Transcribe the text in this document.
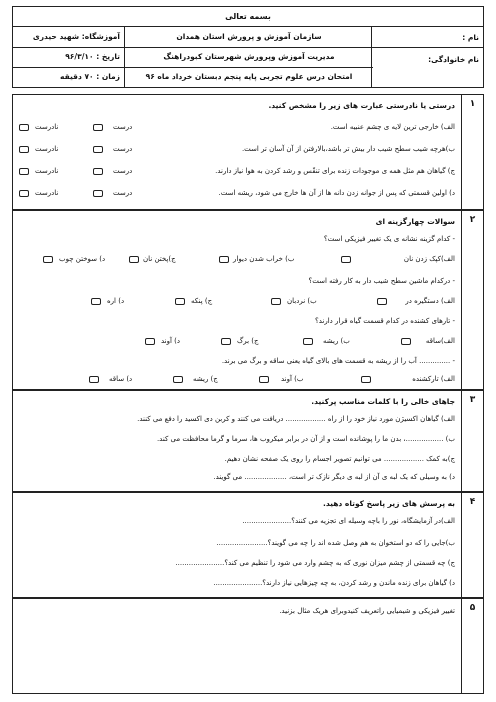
بسمه تعالی
نام :
نام خانوادگی:
سازمان آموزش و پرورش استان همدان
مدیریت آموزش وپرورش شهرستان کبودراهنگ
امتحان درس علوم تجربی پایه پنجم دبستان خرداد ماه ۹۶
آموزشگاه: شهید حیدری
تاریخ : ۹۶/۳/۱۰
زمان : ۷۰ دقیقه
۱
درستی یا نادرستی عبارت های زیر را مشخص کنید.
الف) خارجی ترین لایه ی چشم عنبیه است.
ب)هرچه شیب سطح شیب دار بیش تر باشد،بالارفتن از آن آسان تر است.
ج) گیاهان هم مثل همه ی موجودات زنده برای تنفّس و رشد کردن به هوا نیاز دارند.
د) اولین قسمتی که پس از جوانه زدن دانه ها از آن ها خارج می شود، ریشه است.
درست
نادرست
درست
نادرست
درست
نادرست
درست
نادرست
۲
سوالات چهارگزینه ای
- کدام گزینه نشانه ی یک تغییر فیزیکی است؟
الف)کپک زدن نان
ب) خراب شدن دیوار
ج)پختن نان
د) سوختن چوب
- درکدام ماشین سطح شیب دار به کار رفته است؟
الف) دستگیره در
ب) نردبان
ج) پنکه
د) اره
- تارهای کشنده در کدام قسمت گیاه قرار دارند؟
الف)ساقه
ب) ریشه
ج) برگ
د) آوند
- .............. آب را از ریشه به قسمت های بالای گیاه یعنی ساقه و برگ می برند.
الف) تارکشنده
ب) آوند
ج) ریشه
د) ساقه
۳
جاهای خالی را با کلمات مناسب پرکنید.
الف) گیاهان اکسیژن مورد نیاز خود را از راه .................. دریافت می کنند و کربن دی اکسید را دفع می کنند.
ب) .................، بدن ما را پوشانده است و از آن در برابر میکروب ها، سرما و گرما محافظت می کند.
ج)به کمک .................. می توانیم تصویر اجسام را روی یک صفحه نشان دهیم.
د) به وسیلی که یک لبه ی آن از لبه ی دیگر نازک تر است، ................... می گویند.
۴
به پرسش های زیر پاسخ کوتاه دهید.
الف)در آزمایشگاه، نور را باچه وسیله ای تجزیه می کنند؟......................
ب)جایی را که دو استخوان به هم وصل شده اند را چه می گویند؟.......................
ج) چه قسمتی از چشم میزان نوری که به چشم وارد می شود را تنظیم می کند؟......................
د) گیاهان برای زنده ماندن و رشد کردن، به چه چیزهایی نیاز دارند؟......................
۵
تغییر فیزیکی و شیمیایی راتعریف کنیدوبرای هریک مثال بزنید.
